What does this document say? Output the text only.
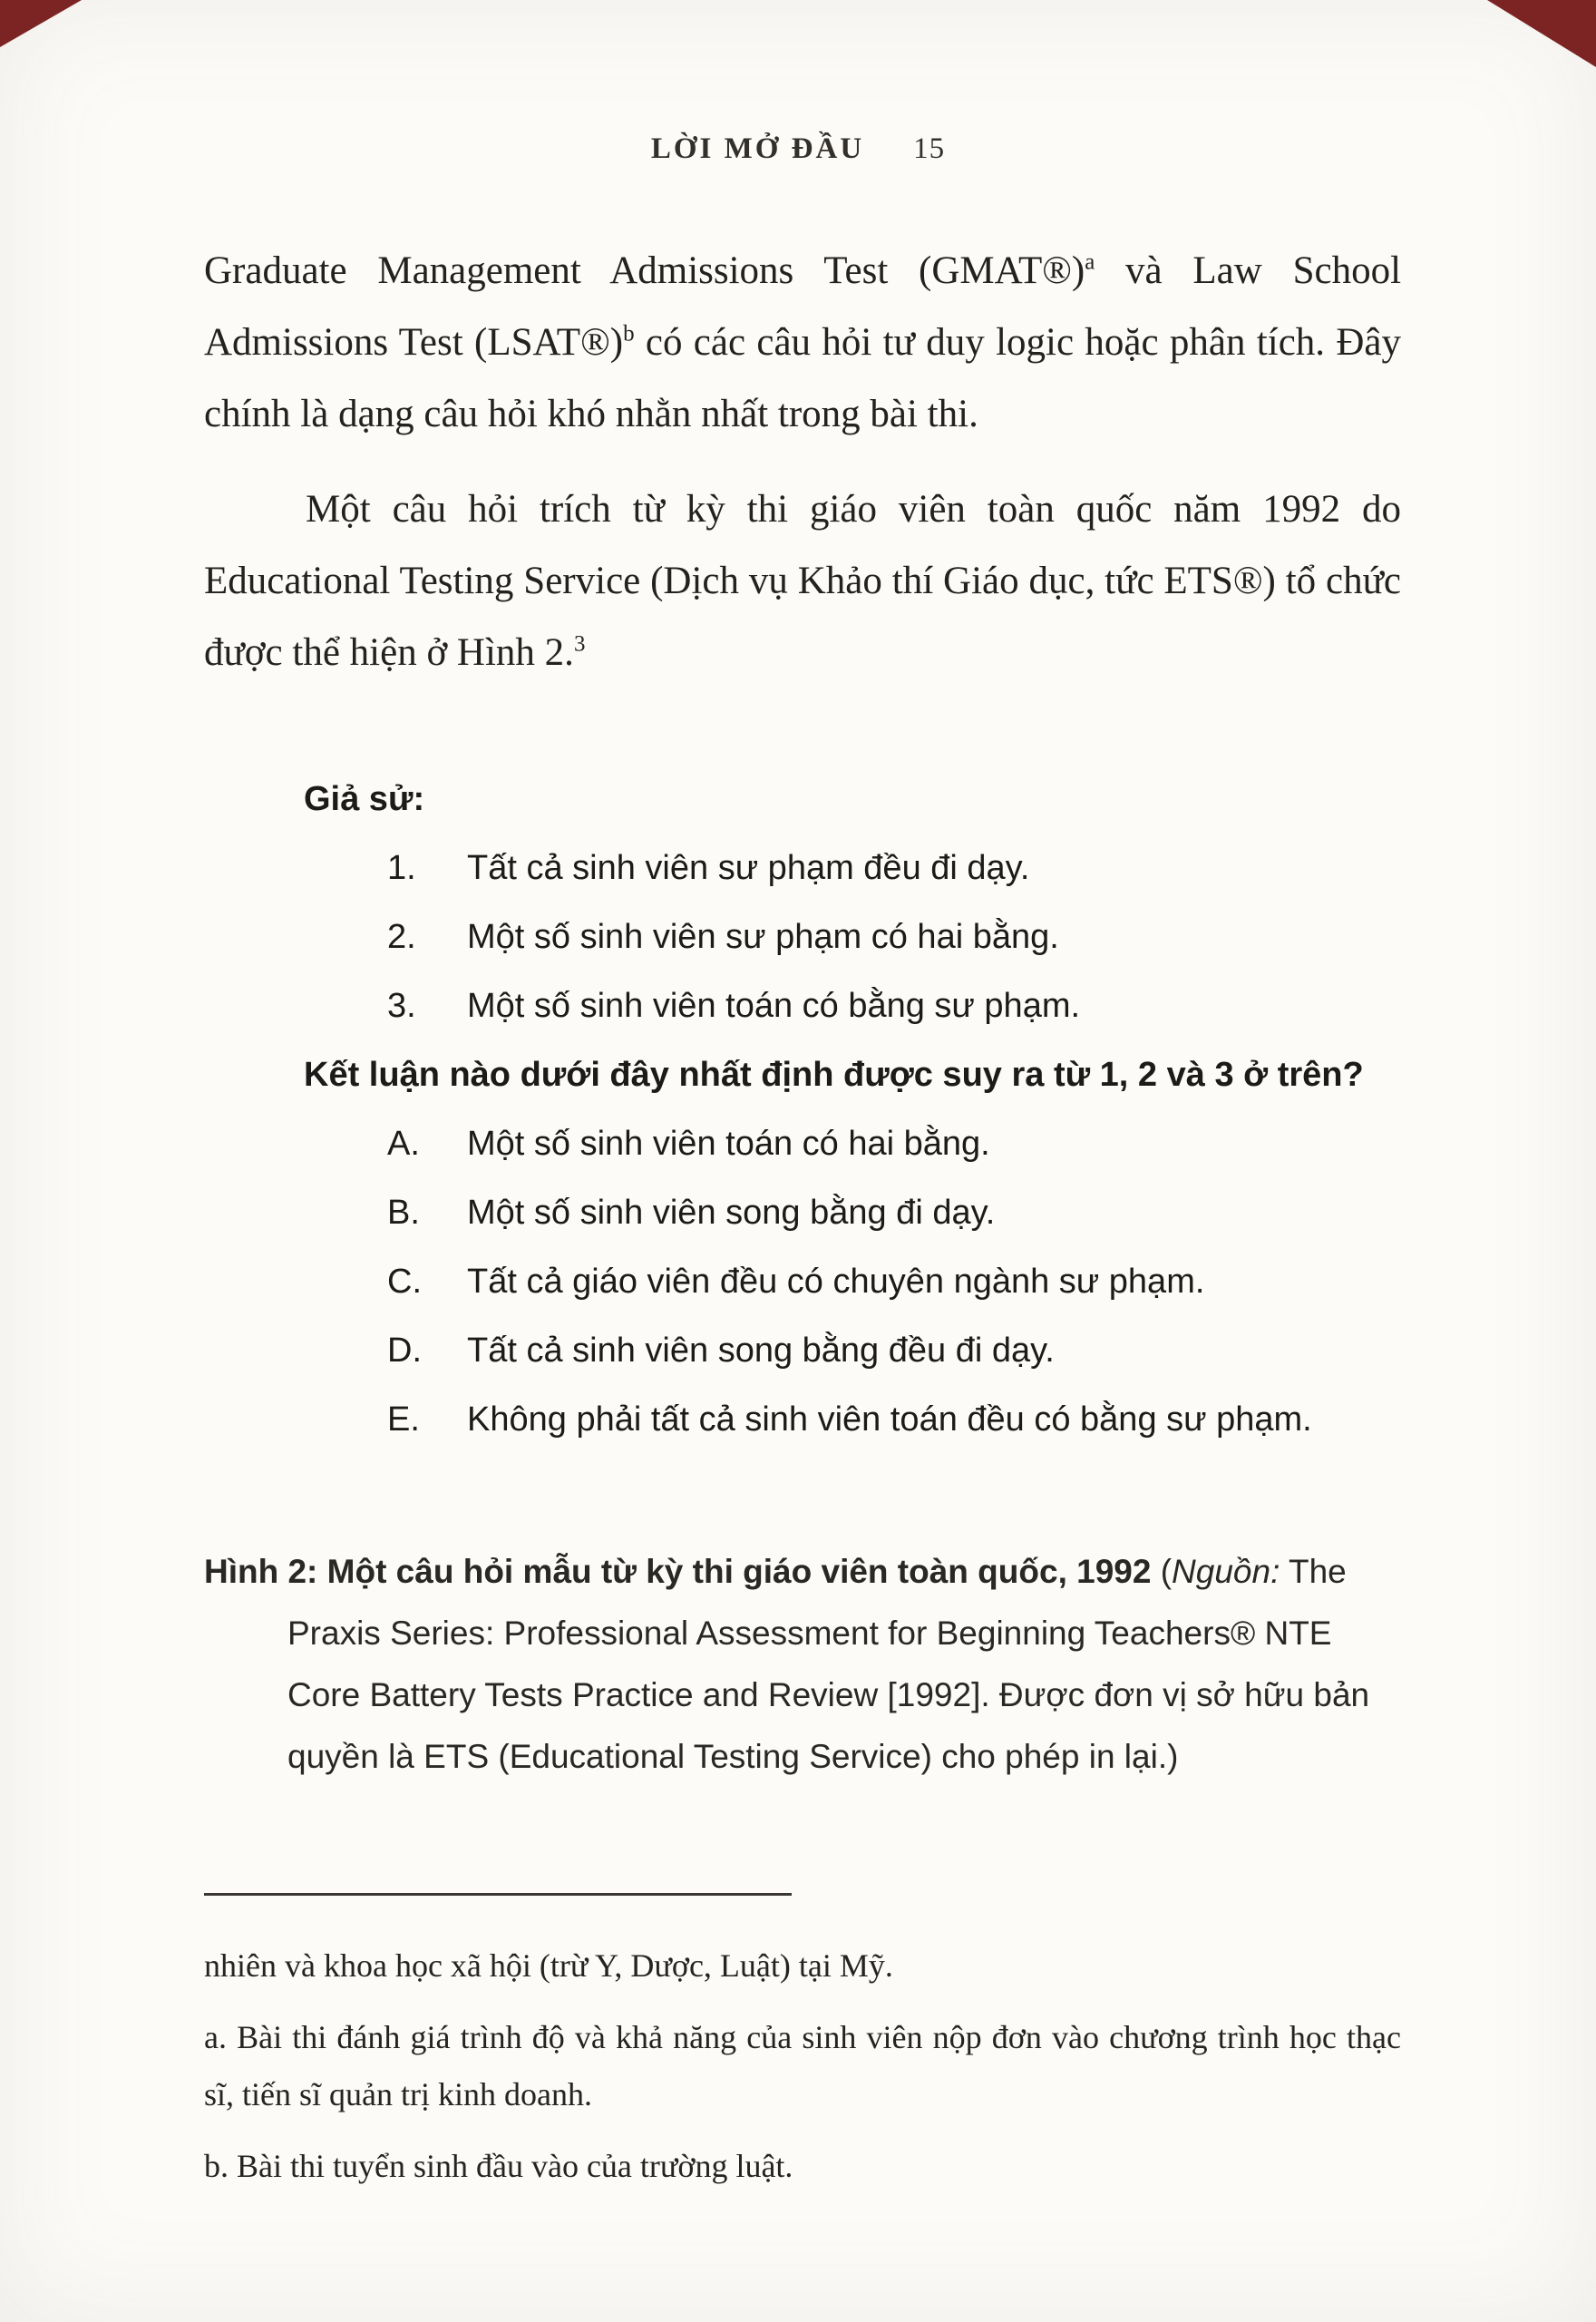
LỜI MỞ ĐẦU 15

Graduate Management Admissions Test (GMAT®)$^a$ và Law School Admissions Test (LSAT®)$^b$ có các câu hỏi tư duy logic hoặc phân tích. Đây chính là dạng câu hỏi khó nhằn nhất trong bài thi.

Một câu hỏi trích từ kỳ thi giáo viên toàn quốc năm 1992 do Educational Testing Service (Dịch vụ Khảo thí Giáo dục, tức ETS®) tổ chức được thể hiện ở Hình 2.$^3$

Giả sử:
1.	Tất cả sinh viên sư phạm đều đi dạy.
2.	Một số sinh viên sư phạm có hai bằng.
3.	Một số sinh viên toán có bằng sư phạm.
Kết luận nào dưới đây nhất định được suy ra từ 1, 2 và 3 ở trên?
A.	Một số sinh viên toán có hai bằng.
B.	Một số sinh viên song bằng đi dạy.
C.	Tất cả giáo viên đều có chuyên ngành sư phạm.
D.	Tất cả sinh viên song bằng đều đi dạy.
E.	Không phải tất cả sinh viên toán đều có bằng sư phạm.

Hình 2: Một câu hỏi mẫu từ kỳ thi giáo viên toàn quốc, 1992 (Nguồn: The Praxis Series: Professional Assessment for Beginning Teachers® NTE Core Battery Tests Practice and Review [1992]. Được đơn vị sở hữu bản quyền là ETS (Educational Testing Service) cho phép in lại.)

nhiên và khoa học xã hội (trừ Y, Dược, Luật) tại Mỹ.

a. Bài thi đánh giá trình độ và khả năng của sinh viên nộp đơn vào chương trình học thạc sĩ, tiến sĩ quản trị kinh doanh.

b. Bài thi tuyển sinh đầu vào của trường luật.
